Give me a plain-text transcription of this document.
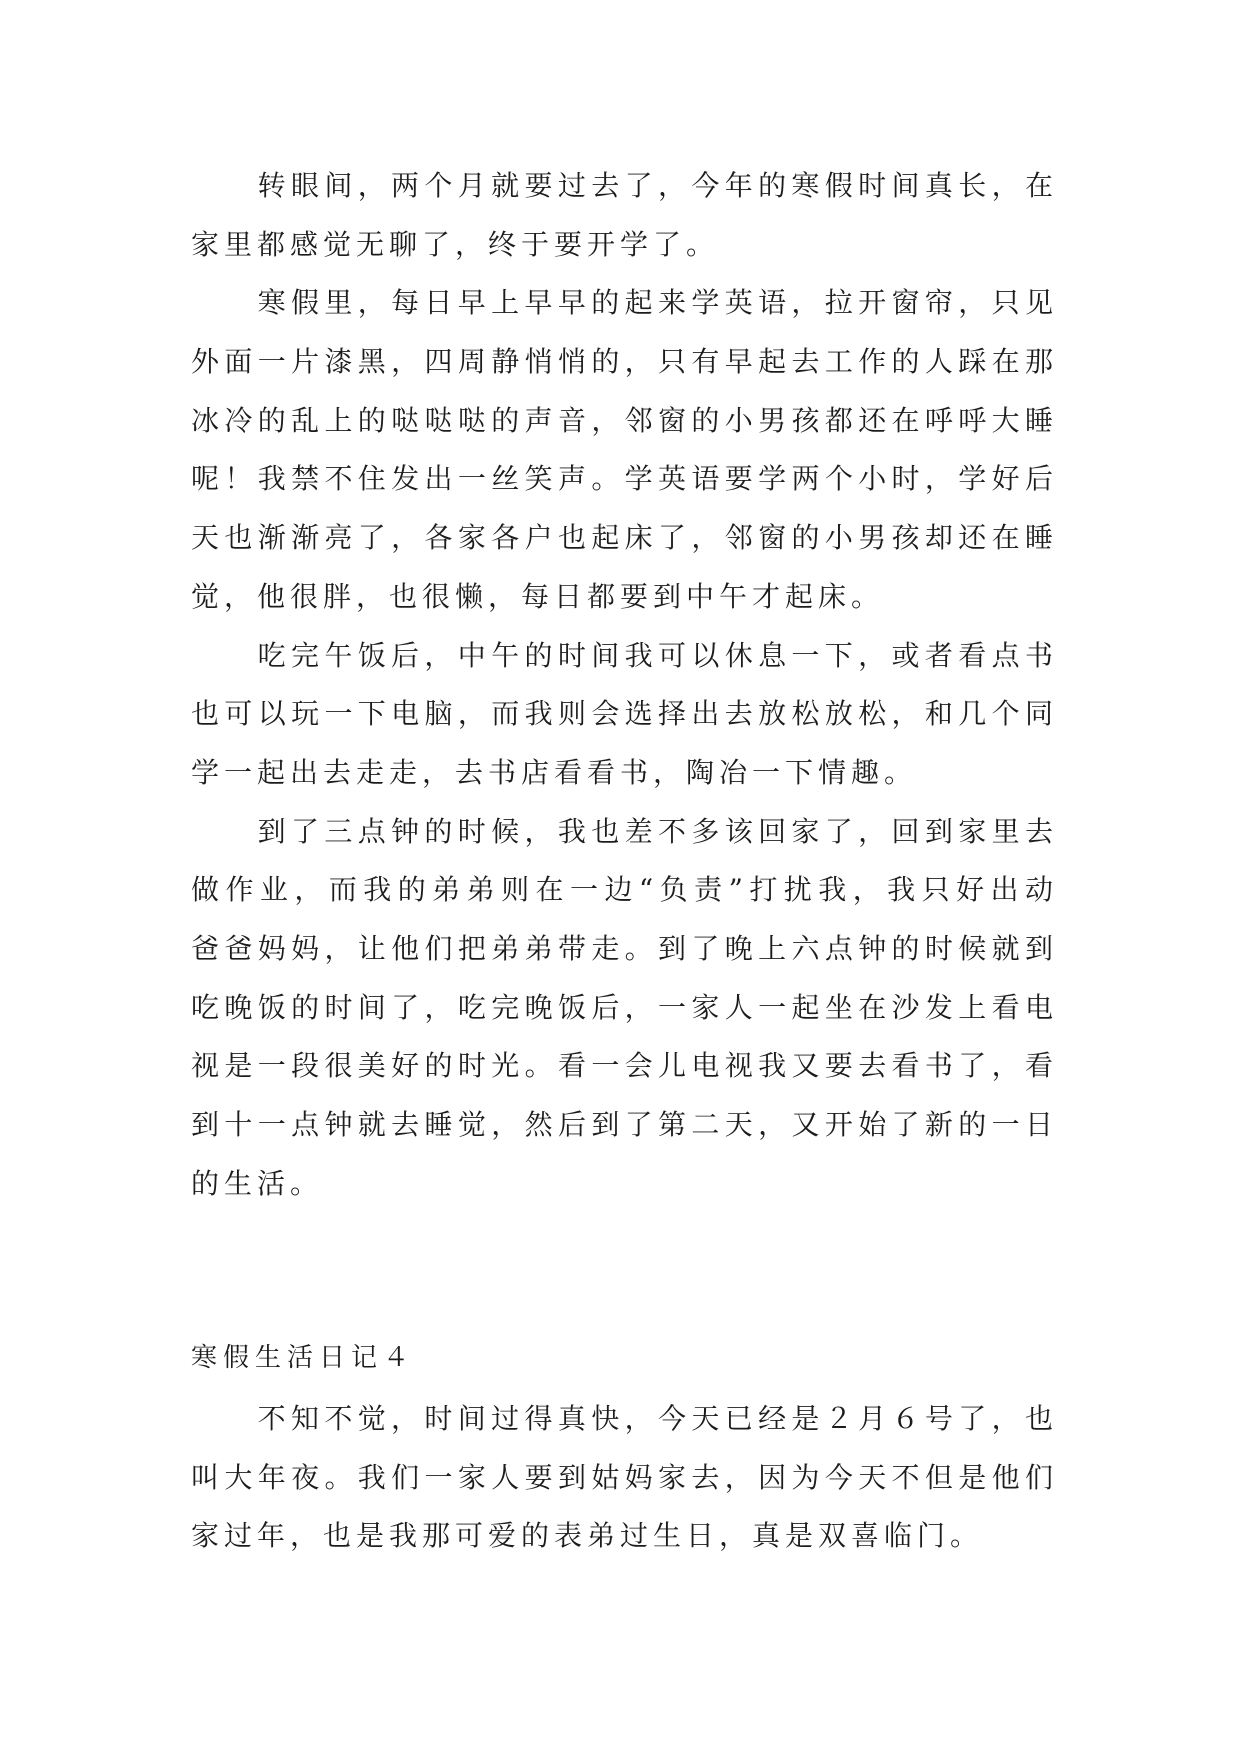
转眼间，两个月就要过去了，今年的寒假时间真长，在
家里都感觉无聊了，终于要开学了。
寒假里，每日早上早早的起来学英语，拉开窗帘，只见
外面一片漆黑，四周静悄悄的，只有早起去工作的人踩在那
冰冷的乱上的哒哒哒的声音，邻窗的小男孩都还在呼呼大睡
呢！我禁不住发出一丝笑声。学英语要学两个小时，学好后
天也渐渐亮了，各家各户也起床了，邻窗的小男孩却还在睡
觉，他很胖，也很懒，每日都要到中午才起床。
吃完午饭后，中午的时间我可以休息一下，或者看点书
也可以玩一下电脑，而我则会选择出去放松放松，和几个同
学一起出去走走，去书店看看书，陶冶一下情趣。
到了三点钟的时候，我也差不多该回家了，回到家里去
做作业，而我的弟弟则在一边“负责”打扰我，我只好出动
爸爸妈妈，让他们把弟弟带走。到了晚上六点钟的时候就到
吃晚饭的时间了，吃完晚饭后，一家人一起坐在沙发上看电
视是一段很美好的时光。看一会儿电视我又要去看书了，看
到十一点钟就去睡觉，然后到了第二天，又开始了新的一日
的生活。
寒假生活日记４
不知不觉，时间过得真快，今天已经是２月６号了，也
叫大年夜。我们一家人要到姑妈家去，因为今天不但是他们
家过年，也是我那可爱的表弟过生日，真是双喜临门。
